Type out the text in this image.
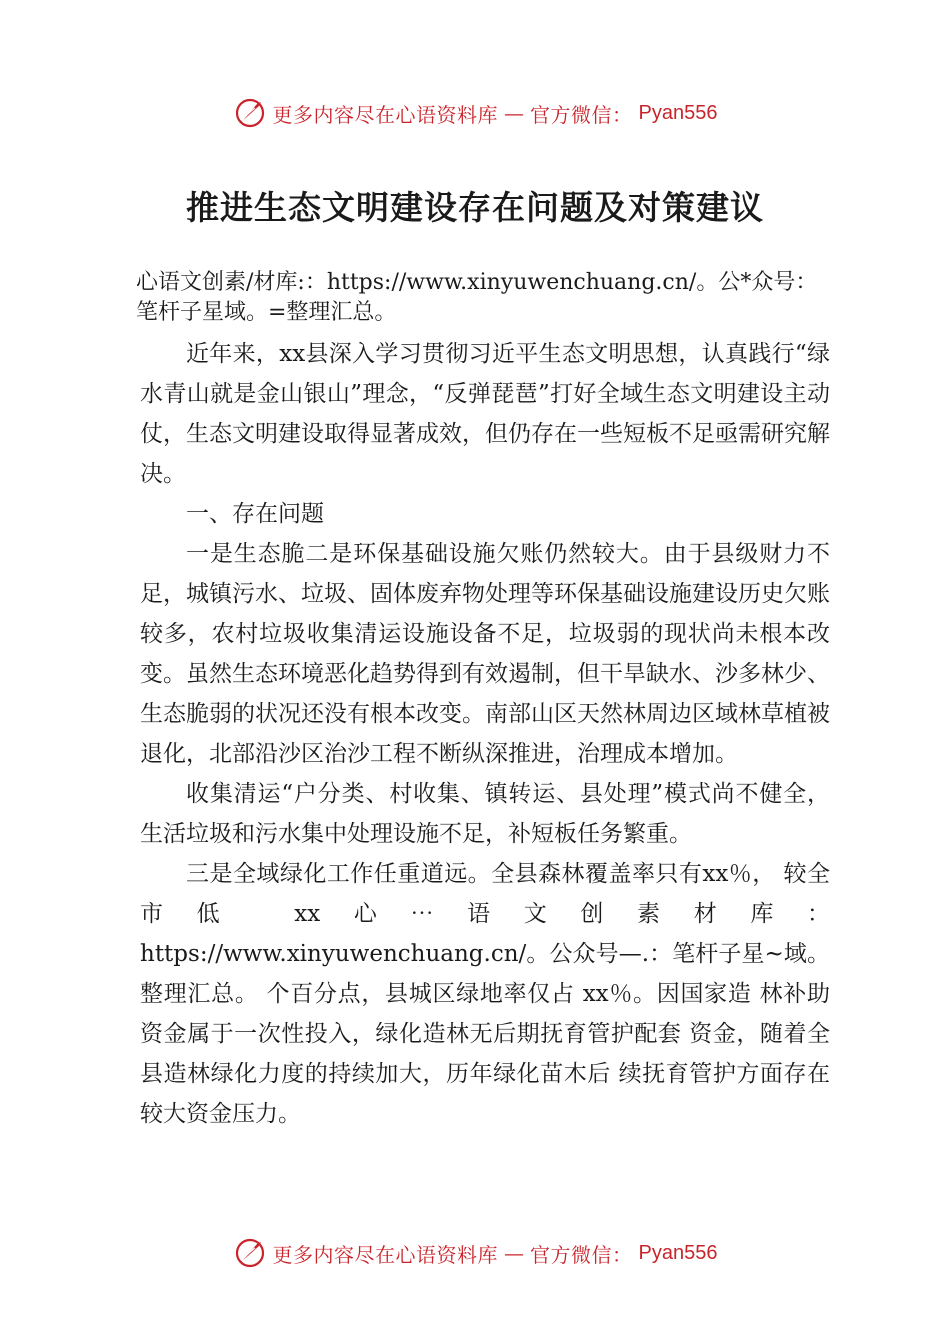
更多内容尽在心语资料库 — 官方微信： Pyan556
推进生态文明建设存在问题及对策建议
心语文创素/材库:：https://www.xinyuwenchuang.cn/。公*众号：笔杆子星域。=整理汇总。

近年来，xx县深入学习贯彻习近平生态文明思想，认真践行“绿水青山就是金山银山”理念，“反弹琵琶”打好全域生态文明建设主动仗，生态文明建设取得显著成效，但仍存在一些短板不足亟需研究解决。

一、存在问题

一是生态脆二是环保基础设施欠账仍然较大。由于县级财力不足，城镇污水、垃圾、固体废弃物处理等环保基础设施建设历史欠账较多，农村垃圾收集清运设施设备不足，垃圾弱的现状尚未根本改变。虽然生态环境恶化趋势得到有效遏制，但干旱缺水、沙多林少、生态脆弱的状况还没有根本改变。南部山区天然林周边区域林草植被退化，北部沿沙区治沙工程不断纵深推进，治理成本增加。

收集清运“户分类、村收集、镇转运、县处理”模式尚不健全，生活垃圾和污水集中处理设施不足，补短板任务繁重。

三是全域绿化工作任重道远。全县森林覆盖率只有xx％， 较全市低 xx心⋯语文创素材库：https://www.xinyuwenchuang.cn/。公众号—.：笔杆子星~域。整理汇总。 个百分点，县城区绿地率仅占 xx％。因国家造 林补助资金属于一次性投入，绿化造林无后期抚育管护配套 资金，随着全县造林绿化力度的持续加大，历年绿化苗木后 续抚育管护方面存在较大资金压力。

更多内容尽在心语资料库 — 官方微信： Pyan556
